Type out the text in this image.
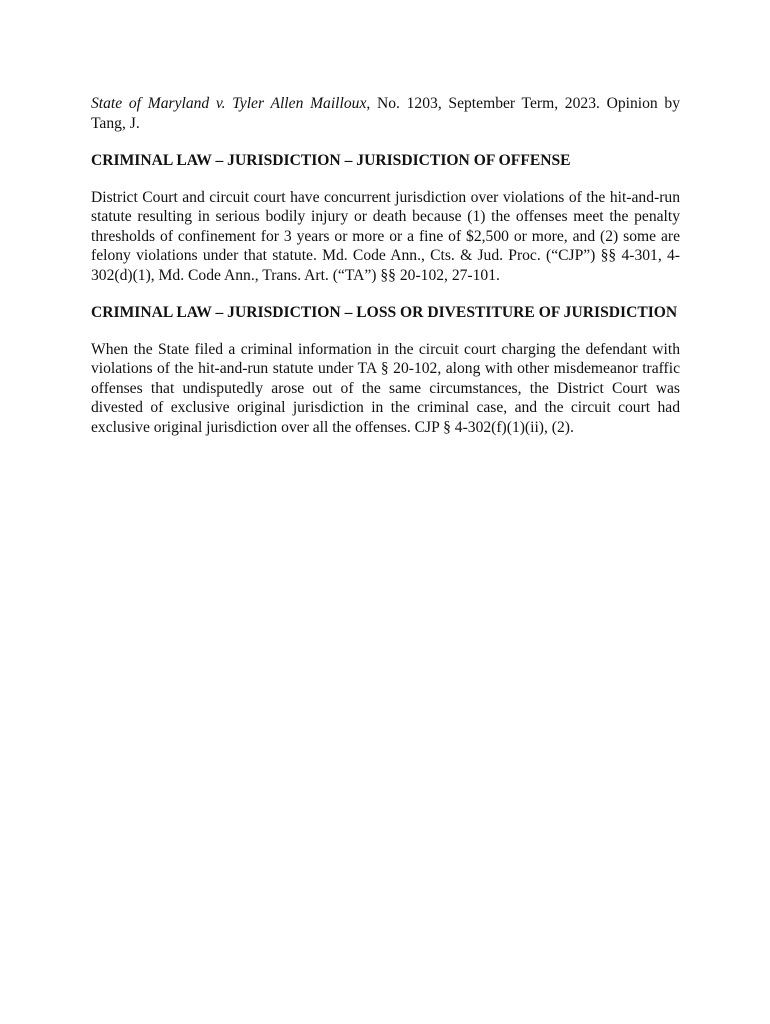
State of Maryland v. Tyler Allen Mailloux, No. 1203, September Term, 2023. Opinion by Tang, J.

CRIMINAL LAW – JURISDICTION – JURISDICTION OF OFFENSE

District Court and circuit court have concurrent jurisdiction over violations of the hit-and-run statute resulting in serious bodily injury or death because (1) the offenses meet the penalty thresholds of confinement for 3 years or more or a fine of $2,500 or more, and (2) some are felony violations under that statute. Md. Code Ann., Cts. & Jud. Proc. (“CJP”) §§ 4-301, 4-302(d)(1), Md. Code Ann., Trans. Art. (“TA”) §§ 20-102, 27-101.

CRIMINAL LAW – JURISDICTION – LOSS OR DIVESTITURE OF JURISDICTION

When the State filed a criminal information in the circuit court charging the defendant with violations of the hit-and-run statute under TA § 20-102, along with other misdemeanor traffic offenses that undisputedly arose out of the same circumstances, the District Court was divested of exclusive original jurisdiction in the criminal case, and the circuit court had exclusive original jurisdiction over all the offenses. CJP § 4-302(f)(1)(ii), (2).
